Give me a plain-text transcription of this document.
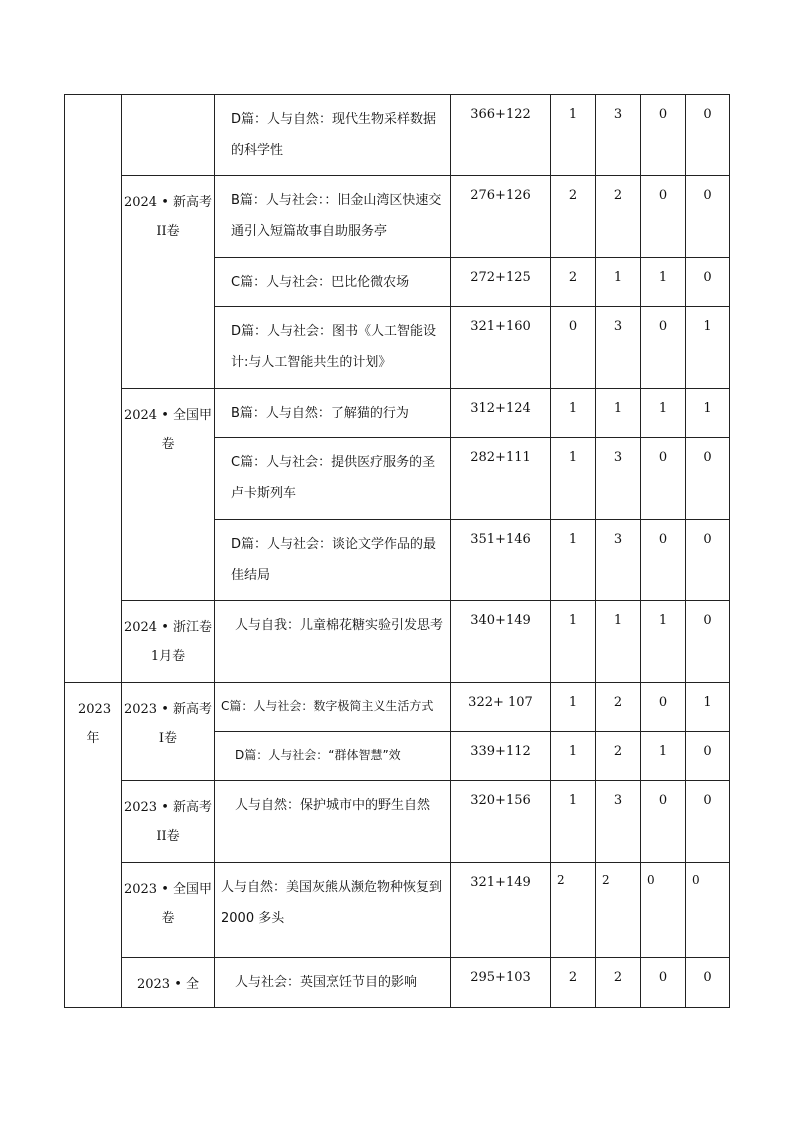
		D篇：人与自然：现代生物采样数据的科学性	366+122	1	3	0	0

	2024 • 新高考II卷	B篇：人与社会：：旧金山湾区快速交通引入短篇故事自助服务亭	276+126	2	2	0	0

		C篇：人与社会：巴比伦微农场	272+125	2	1	1	0

		D篇：人与社会：图书《人工智能设计:与人工智能共生的计划》	321+160	0	3	0	1

	2024 • 全国甲卷	B篇：人与自然：了解猫的行为	312+124	1	1	1	1

		C篇：人与社会：提供医疗服务的圣卢卡斯列车	282+111	1	3	0	0

		D篇：人与社会：谈论文学作品的最佳结局	351+146	1	3	0	0

	2024 • 浙江卷1月卷	人与自我：儿童棉花糖实验引发思考	340+149	1	1	1	0

2023年	2023 • 新高考I卷	C篇：人与社会：数字极简主义生活方式	322+ 107	1	2	0	1

		D篇：人与社会：“群体智慧”效	339+112	1	2	1	0

	2023 • 新高考II卷	人与自然：保护城市中的野生自然	320+156	1	3	0	0

	2023 • 全国甲卷	人与自然：美国灰熊从濒危物种恢复到 2000 多头	321+149	2	2	0	0

	2023 • 全	人与社会：英国烹饪节目的影响	295+103	2	2	0	0
